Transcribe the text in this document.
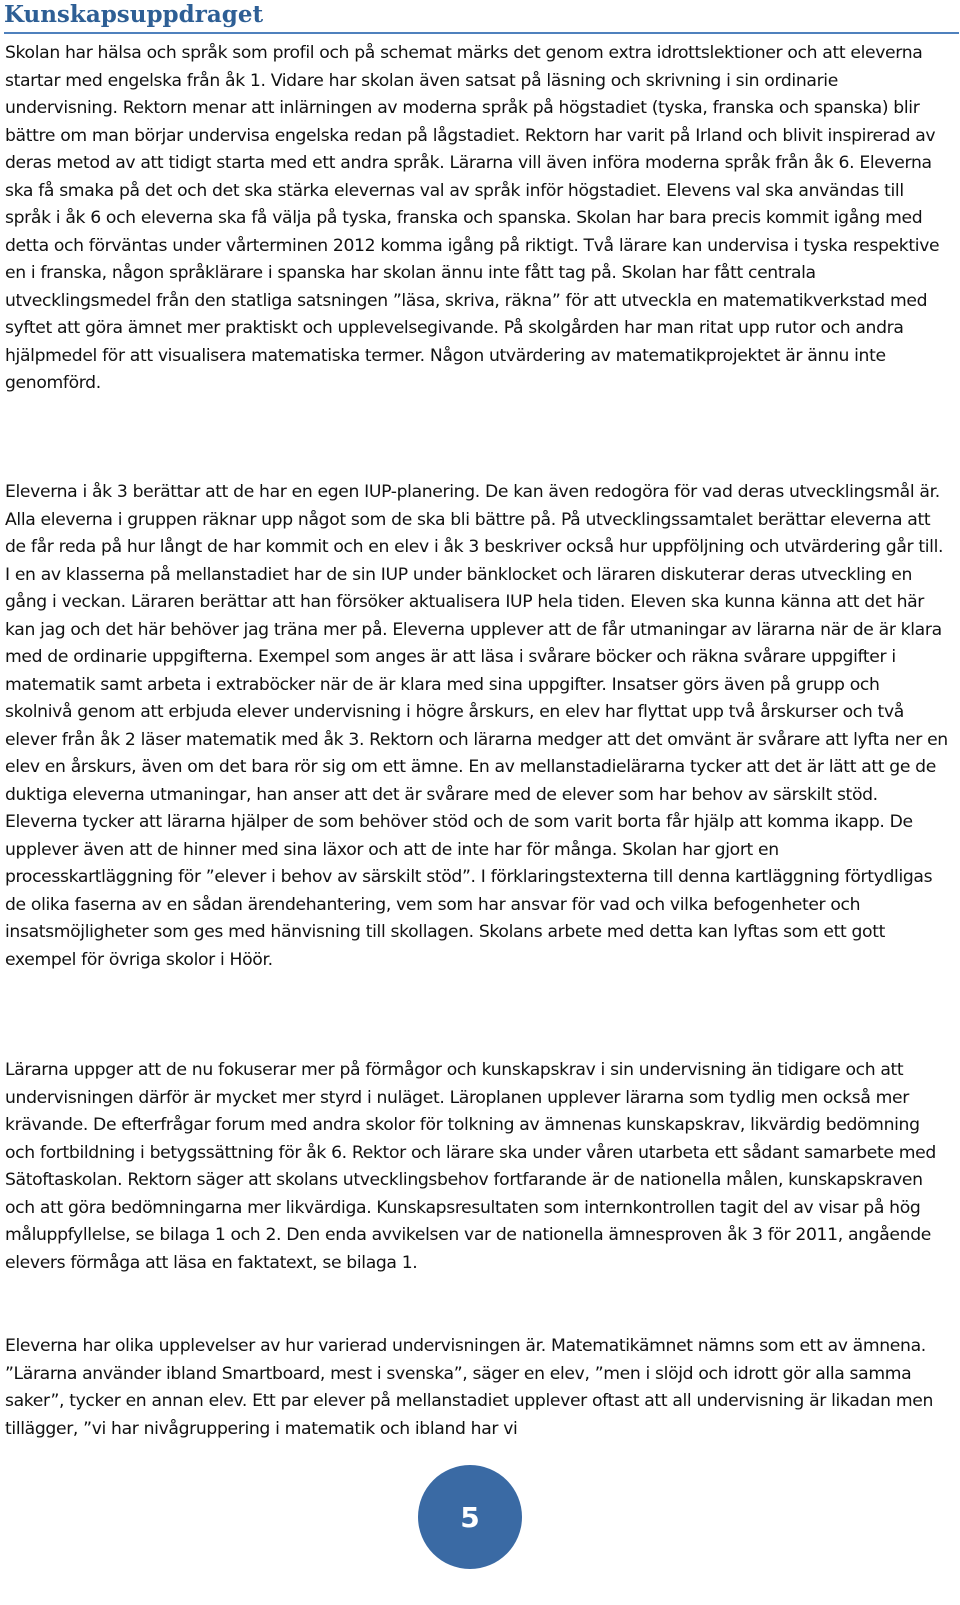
Kunskapsuppdraget

Skolan har hälsa och språk som profil och på schemat märks det genom extra idrottslektioner och att eleverna startar med engelska från åk 1. Vidare har skolan även satsat på läsning och skrivning i sin ordinarie undervisning. Rektorn menar att inlärningen av moderna språk på högstadiet (tyska, franska och spanska) blir bättre om man börjar undervisa engelska redan på lågstadiet. Rektorn har varit på Irland och blivit inspirerad av deras metod av att tidigt starta med ett andra språk. Lärarna vill även införa moderna språk från åk 6. Eleverna ska få smaka på det och det ska stärka elevernas val av språk inför högstadiet. Elevens val ska användas till språk i åk 6 och eleverna ska få välja på tyska, franska och spanska. Skolan har bara precis kommit igång med detta och förväntas under vårterminen 2012 komma igång på riktigt. Två lärare kan undervisa i tyska respektive en i franska, någon språklärare i spanska har skolan ännu inte fått tag på. Skolan har fått centrala utvecklingsmedel från den statliga satsningen ”läsa, skriva, räkna” för att utveckla en matematikverkstad med syftet att göra ämnet mer praktiskt och upplevelsegivande. På skolgården har man ritat upp rutor och andra hjälpmedel för att visualisera matematiska termer. Någon utvärdering av matematikprojektet är ännu inte genomförd.

Eleverna i åk 3 berättar att de har en egen IUP-planering. De kan även redogöra för vad deras utvecklingsmål är. Alla eleverna i gruppen räknar upp något som de ska bli bättre på. På utvecklingssamtalet berättar eleverna att de får reda på hur långt de har kommit och en elev i åk 3 beskriver också hur uppföljning och utvärdering går till. I en av klasserna på mellanstadiet har de sin IUP under bänklocket och läraren diskuterar deras utveckling en gång i veckan. Läraren berättar att han försöker aktualisera IUP hela tiden. Eleven ska kunna känna att det här kan jag och det här behöver jag träna mer på. Eleverna upplever att de får utmaningar av lärarna när de är klara med de ordinarie uppgifterna. Exempel som anges är att läsa i svårare böcker och räkna svårare uppgifter i matematik samt arbeta i extraböcker när de är klara med sina uppgifter. Insatser görs även på grupp och skolnivå genom att erbjuda elever undervisning i högre årskurs, en elev har flyttat upp två årskurser och två elever från åk 2 läser matematik med åk 3. Rektorn och lärarna medger att det omvänt är svårare att lyfta ner en elev en årskurs, även om det bara rör sig om ett ämne. En av mellanstadielärarna tycker att det är lätt att ge de duktiga eleverna utmaningar, han anser att det är svårare med de elever som har behov av särskilt stöd. Eleverna tycker att lärarna hjälper de som behöver stöd och de som varit borta får hjälp att komma ikapp. De upplever även att de hinner med sina läxor och att de inte har för många. Skolan har gjort en processkartläggning för ”elever i behov av särskilt stöd”. I förklaringstexterna till denna kartläggning förtydligas de olika faserna av en sådan ärendehantering, vem som har ansvar för vad och vilka befogenheter och insatsmöjligheter som ges med hänvisning till skollagen. Skolans arbete med detta kan lyftas som ett gott exempel för övriga skolor i Höör.

Lärarna uppger att de nu fokuserar mer på förmågor och kunskapskrav i sin undervisning än tidigare och att undervisningen därför är mycket mer styrd i nuläget. Läroplanen upplever lärarna som tydlig men också mer krävande. De efterfrågar forum med andra skolor för tolkning av ämnenas kunskapskrav, likvärdig bedömning och fortbildning i betygssättning för åk 6. Rektor och lärare ska under våren utarbeta ett sådant samarbete med Sätoftaskolan. Rektorn säger att skolans utvecklingsbehov fortfarande är de nationella målen, kunskapskraven och att göra bedömningarna mer likvärdiga. Kunskapsresultaten som internkontrollen tagit del av visar på hög måluppfyllelse, se bilaga 1 och 2. Den enda avvikelsen var de nationella ämnesproven åk 3 för 2011, angående elevers förmåga att läsa en faktatext, se bilaga 1.

Eleverna har olika upplevelser av hur varierad undervisningen är. Matematikämnet nämns som ett av ämnena. ”Lärarna använder ibland Smartboard, mest i svenska”, säger en elev, ”men i slöjd och idrott gör alla samma saker”, tycker en annan elev. Ett par elever på mellanstadiet upplever oftast att all undervisning är likadan men tillägger, ”vi har nivågruppering i matematik och ibland har vi

5
